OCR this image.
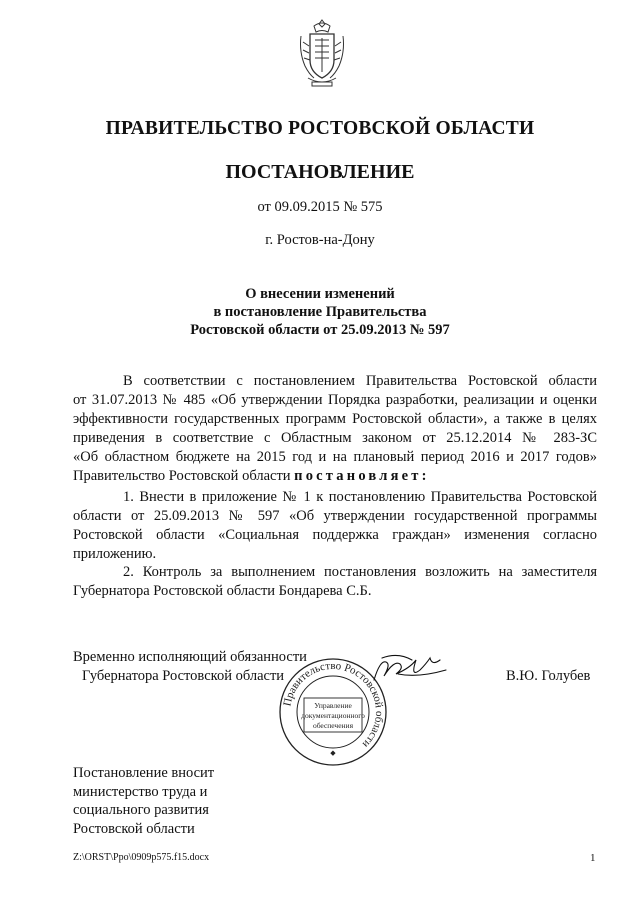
ПРАВИТЕЛЬСТВО РОСТОВСКОЙ ОБЛАСТИ
ПОСТАНОВЛЕНИЕ
от 09.09.2015 № 575
г. Ростов-на-Дону
О внесении изменений
в постановление Правительства
Ростовской области от 25.09.2013 № 597
В соответствии с постановлением Правительства Ростовской области
от 31.07.2013 № 485 «Об утверждении Порядка разработки, реализации и оценки
эффективности государственных программ Ростовской области», а также в целях
приведения в соответствие с Областным законом от 25.12.2014 № 283-ЗС
«Об областном бюджете на 2015 год и на плановый период 2016 и 2017 годов»
Правительство Ростовской области постановляет:
1. Внести в приложение № 1 к постановлению Правительства Ростовской
области от 25.09.2013 № 597 «Об утверждении государственной программы
Ростовской области «Социальная поддержка граждан» изменения согласно
приложению.
2. Контроль за выполнением постановления возложить на заместителя
Губернатора Ростовской области Бондарева С.Б.
Правительство Ростовской области
Управление
документационного
обеспечения
◆
Временно исполняющий обязанности
Губернатора Ростовской области	В.Ю. Голубев
Постановление вносит
министерство труда и
социального развития
Ростовской области
Z:\ORST\Ppo\0909p575.f15.docx	1
